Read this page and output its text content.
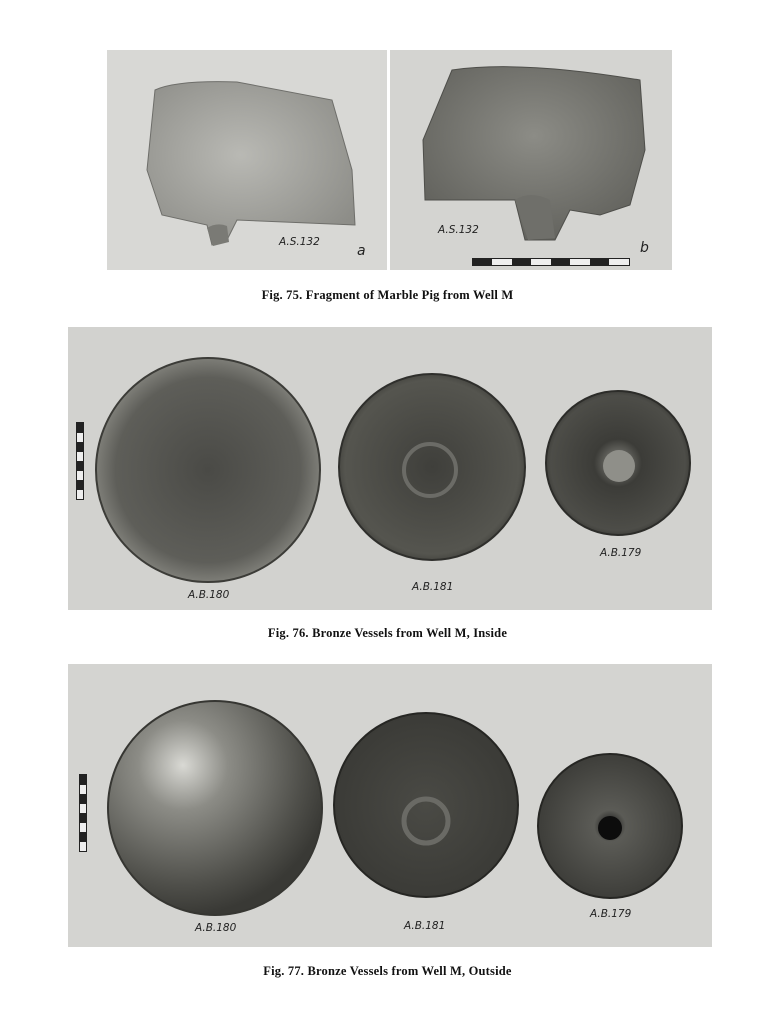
A.S.132
a
A.S.132
b
Fig. 75. Fragment of Marble Pig from Well M
A.B.180
A.B.181
A.B.179
Fig. 76. Bronze Vessels from Well M, Inside
A.B.180	A.B.181
A.B.179
Fig. 77. Bronze Vessels from Well M, Outside
